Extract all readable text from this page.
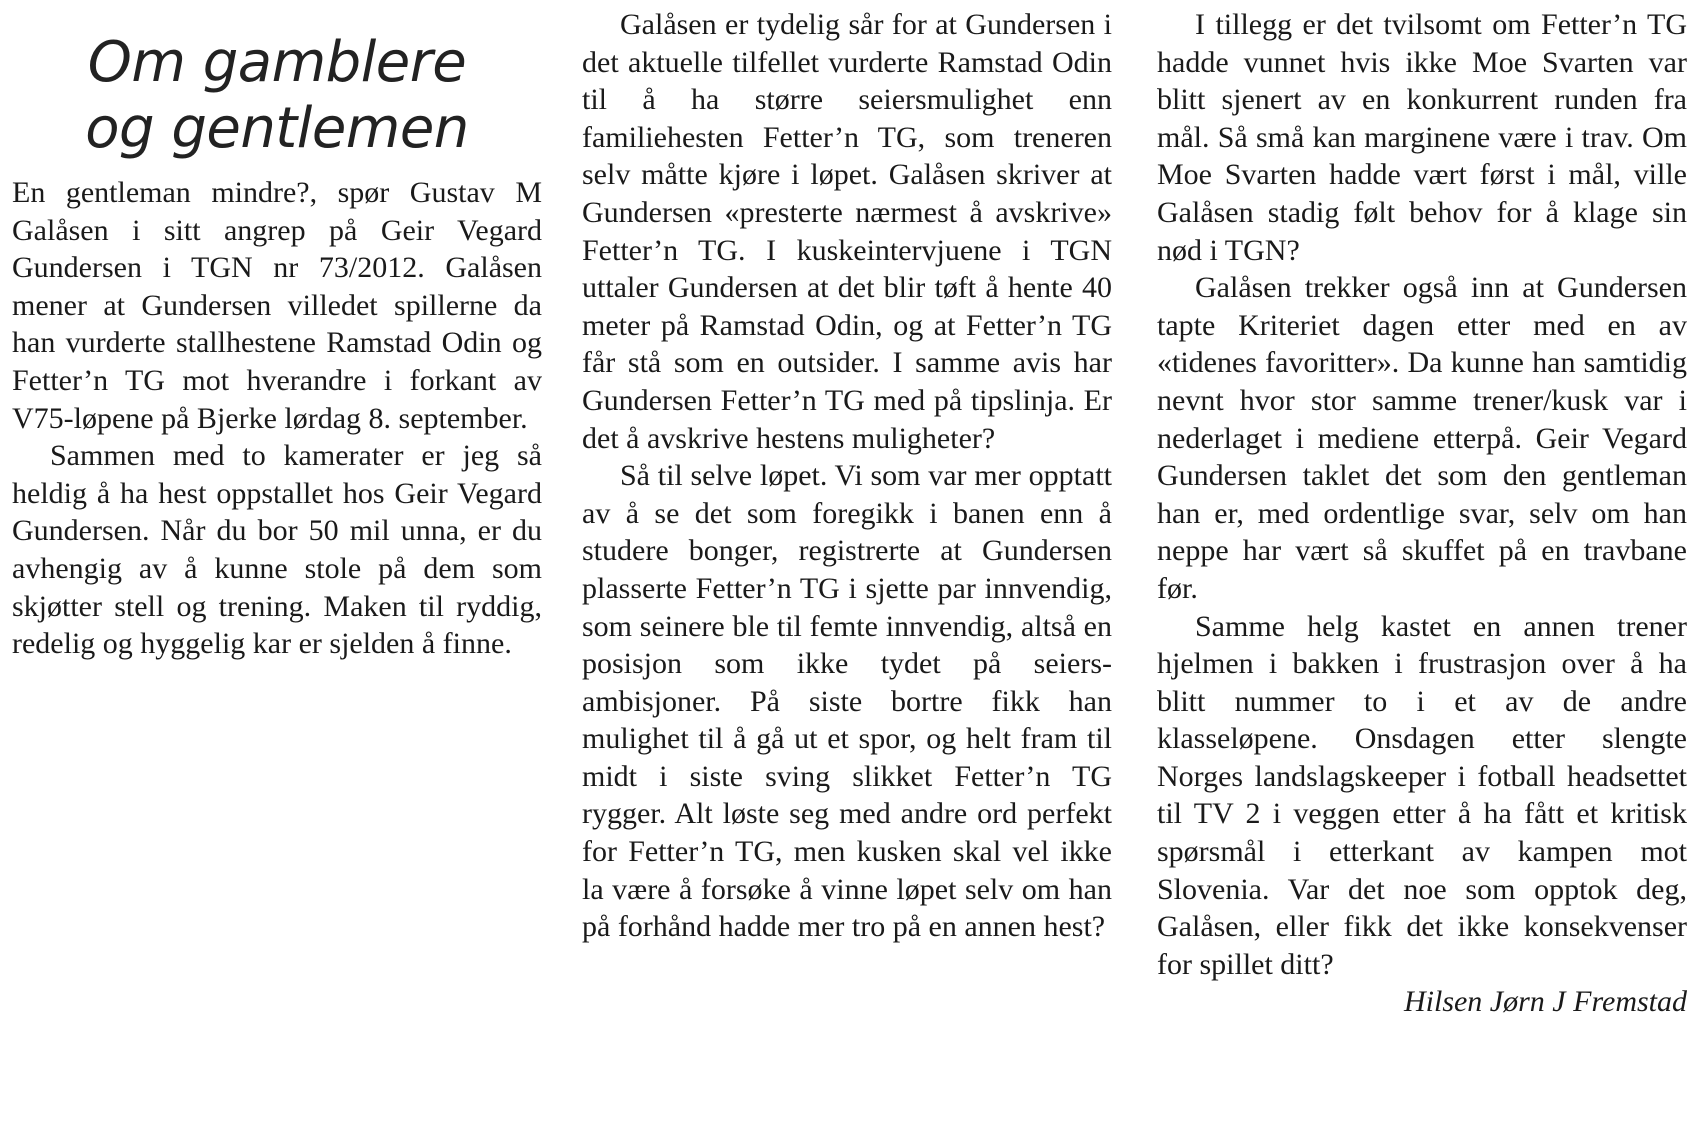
Om gamblere
og gentlemen

En gentleman mindre?, spør Gustav M Galåsen i sitt angrep på Geir Vegard Gundersen i TGN nr 73/2012. Galåsen mener at Gundersen villedet spillerne da han vurderte stallhestene Ramstad Odin og Fetter’n TG mot hverandre i forkant av V75-løpene på Bjerke lørdag 8. september.

Sammen med to kamerater er jeg så heldig å ha hest oppstallet hos Geir Vegard Gundersen. Når du bor 50 mil unna, er du avhengig av å kunne stole på dem som skjøtter stell og trening. Maken til ryddig, redelig og hyggelig kar er sjelden å finne.

Galåsen er tydelig sår for at Gundersen i det aktuelle tilfellet vurderte Ramstad Odin til å ha større seiersmulighet enn familiehesten Fetter’n TG, som treneren selv måtte kjøre i løpet. Galåsen skriver at Gundersen «presterte nærmest å avskrive» Fetter’n TG. I kuskeintervjuene i TGN uttaler Gundersen at det blir tøft å hente 40 meter på Ramstad Odin, og at Fetter’n TG får stå som en outsider. I samme avis har Gundersen Fetter’n TG med på tipslinja. Er det å avskrive hestens muligheter?

Så til selve løpet. Vi som var mer opptatt av å se det som foregikk i banen enn å studere bonger, registrerte at Gundersen plasserte Fetter’n TG i sjette par innvendig, som seinere ble til femte innvendig, altså en posisjon som ikke tydet på seiersambisjoner. På siste bortre fikk han mulighet til å gå ut et spor, og helt fram til midt i siste sving slikket Fetter’n TG rygger. Alt løste seg med andre ord perfekt for Fetter’n TG, men kusken skal vel ikke la være å forsøke å vinne løpet selv om han på forhånd hadde mer tro på en annen hest?

I tillegg er det tvilsomt om Fetter’n TG hadde vunnet hvis ikke Moe Svarten var blitt sjenert av en konkurrent runden fra mål. Så små kan marginene være i trav. Om Moe Svarten hadde vært først i mål, ville Galåsen stadig følt behov for å klage sin nød i TGN?

Galåsen trekker også inn at Gundersen tapte Kriteriet dagen etter med en av «tidenes favoritter». Da kunne han samtidig nevnt hvor stor samme trener/kusk var i nederlaget i mediene etterpå. Geir Vegard Gundersen taklet det som den gentleman han er, med ordentlige svar, selv om han neppe har vært så skuffet på en travbane før.

Samme helg kastet en annen trener hjelmen i bakken i frustrasjon over å ha blitt nummer to i et av de andre klasseløpene. Onsdagen etter slengte Norges landslagskeeper i fotball headsettet til TV 2 i veggen etter å ha fått et kritisk spørsmål i etterkant av kampen mot Slovenia. Var det noe som opptok deg, Galåsen, eller fikk det ikke konsekvenser for spillet ditt?

Hilsen Jørn J Fremstad
